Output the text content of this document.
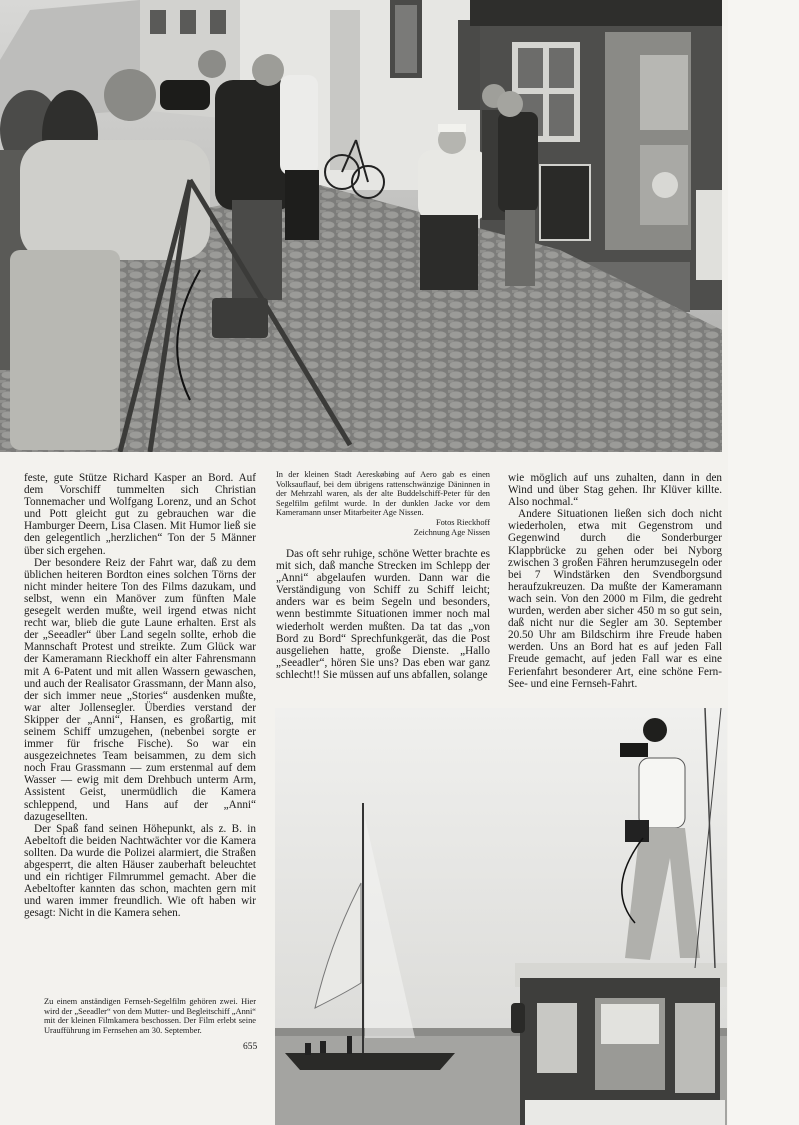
feste, gute Stütze Richard Kasper an Bord. Auf dem Vorschiff tummelten sich Christian Tonnemacher und Wolfgang Lorenz, und an Schot und Pott gleicht gut zu gebrauchen war die Hamburger Deern, Lisa Clasen. Mit Humor ließ sie den gelegentlich „herzlichen“ Ton der 5 Männer über sich ergehen.

Der besondere Reiz der Fahrt war, daß zu dem üblichen heiteren Bordton eines solchen Törns der nicht minder heitere Ton des Films dazukam, und selbst, wenn ein Manöver zum fünften Male gesegelt werden mußte, weil irgend etwas nicht recht war, blieb die gute Laune erhalten. Erst als der „Seeadler“ über Land segeln sollte, erhob die Mannschaft Protest und streikte. Zum Glück war der Kameramann Rieckhoff ein alter Fahrensmann mit A 6-Patent und mit allen Wassern gewaschen, und auch der Realisator Grassmann, der Mann also, der sich immer neue „Stories“ ausdenken mußte, war alter Jollensegler. Überdies verstand der Skipper der „Anni“, Hansen, es großartig, mit seinem Schiff umzugehen, (nebenbei sorgte er immer für frische Fische). So war ein ausgezeichnetes Team beisammen, zu dem sich noch Frau Grassmann — zum erstenmal auf dem Wasser — ewig mit dem Drehbuch unterm Arm, Assistent Geist, unermüdlich die Kamera schleppend, und Hans auf der „Anni“ dazugesellten.

Der Spaß fand seinen Höhepunkt, als z. B. in Aebeltoft die beiden Nachtwächter vor die Kamera sollten. Da wurde die Polizei alarmiert, die Straßen abgesperrt, die alten Häuser zauberhaft beleuchtet und ein richtiger Filmrummel gemacht. Aber die Aebeltofter kannten das schon, machten gern mit und waren immer freundlich. Wie oft haben wir gesagt: Nicht in die Kamera sehen.

Zu einem anständigen Fernseh-Segelfilm gehören zwei. Hier wird der „Seeadler“ von dem Mutter- und Begleitschiff „Anni“ mit der kleinen Filmkamera beschossen. Der Film erlebt seine Uraufführung im Fernsehen am 30. September.

655

In der kleinen Stadt Aereskøbing auf Aero gab es einen Volksauflauf, bei dem übrigens rattenschwänzige Däninnen in der Mehrzahl waren, als der alte Buddelschiff-Peter für den Segelfilm gefilmt wurde. In der dunklen Jacke vor dem Kameramann unser Mitarbeiter Age Nissen.

Fotos Rieckhoff

Zeichnung Age Nissen

Das oft sehr ruhige, schöne Wetter brachte es mit sich, daß manche Strecken im Schlepp der „Anni“ abgelaufen wurden. Dann war die Verständigung von Schiff zu Schiff leicht; anders war es beim Segeln und besonders, wenn bestimmte Situationen immer noch mal wiederholt werden mußten. Da tat das „von Bord zu Bord“ Sprechfunkgerät, das die Post ausgeliehen hatte, große Dienste. „Hallo „Seeadler“, hören Sie uns? Das eben war ganz schlecht!! Sie müssen auf uns abfallen, solange

wie möglich auf uns zuhalten, dann in den Wind und über Stag gehen. Ihr Klüver killte. Also nochmal.“

Andere Situationen ließen sich doch nicht wiederholen, etwa mit Gegenstrom und Gegenwind durch die Sonderburger Klappbrücke zu gehen oder bei Nyborg zwischen 3 großen Fähren herumzusegeln oder bei 7 Windstärken den Svendborgsund heraufzukreuzen. Da mußte der Kameramann wach sein. Von den 2000 m Film, die gedreht wurden, werden aber sicher 450 m so gut sein, daß nicht nur die Segler am 30. September 20.50 Uhr am Bildschirm ihre Freude haben werden. Uns an Bord hat es auf jeden Fall Freude gemacht, auf jeden Fall war es eine Ferienfahrt besonderer Art, eine schöne Fern-See- und eine Fernseh-Fahrt.
